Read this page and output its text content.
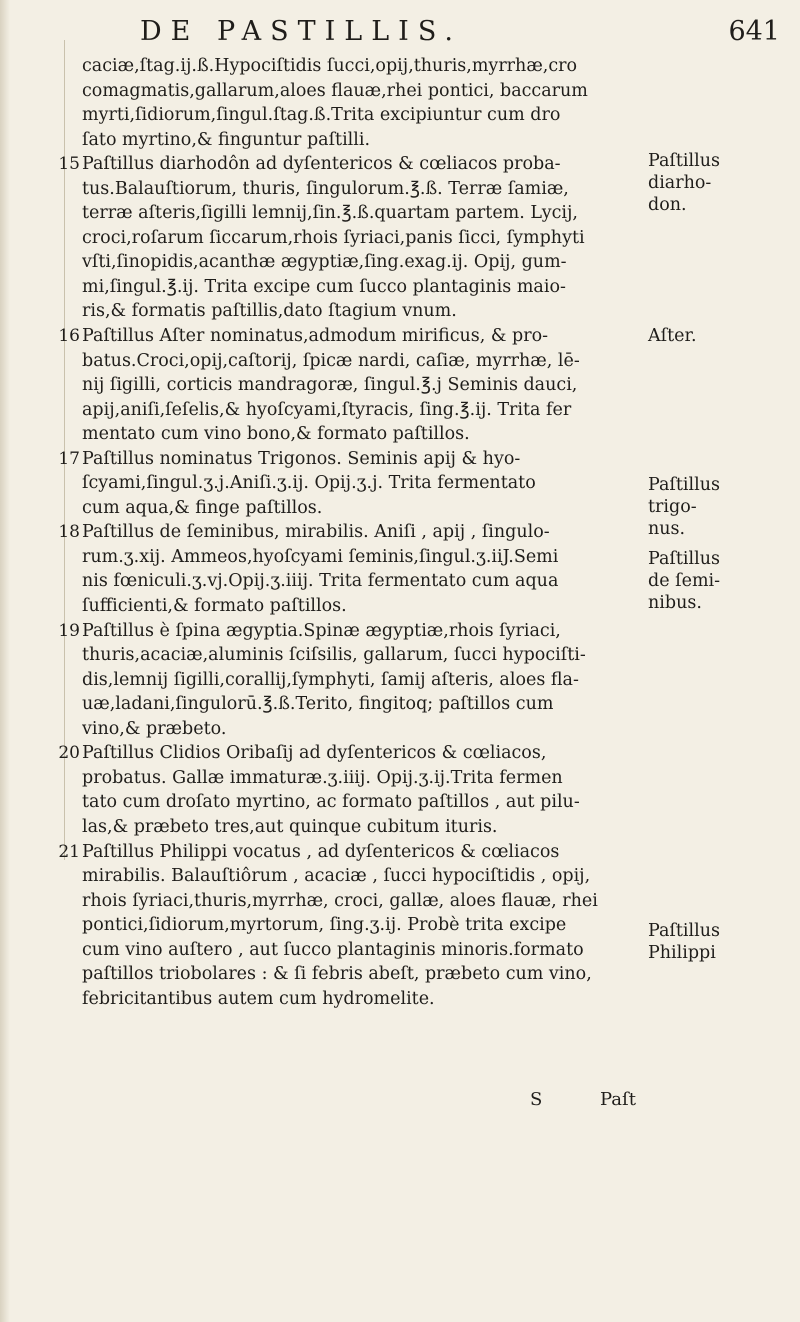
DE PASTILLIS.	641
caciæ,ſtag.ij.ß.Hypociſtidis ſucci,opij,thuris,myrrhæ,cro
comagmatis,gallarum,aloes flauæ,rhei pontici, baccarum
myrti,ſidiorum,ſingul.ſtag.ß.Trita excipiuntur cum dro
ſato myrtino,& finguntur paſtilli.
15 Paſtillus diarhodôn ad dyſentericos & cœliacos proba-
tus.Balauſtiorum, thuris, ſingulorum.℥.ß. Terræ ſamiæ,
terræ aſteris,ſigilli lemnij,ſin.℥.ß.quartam partem. Lycij,
croci,roſarum ſiccarum,rhois ſyriaci,panis ſicci, ſymphyti
vſti,ſinopidis,acanthæ ægyptiæ,ſing.exag.ij. Opij, gum-
mi,ſingul.℥.ij. Trita excipe cum ſucco plantaginis maio-
ris,& formatis paſtillis,dato ſtagium vnum.
16 Paſtillus Aſter nominatus,admodum mirificus, & pro-
batus.Croci,opij,caſtorij, ſpicæ nardi, caſiæ, myrrhæ, lē-
nij ſigilli, corticis mandragoræ, ſingul.℥.j Seminis dauci,
apij,aniſi,ſeſelis,& hyoſcyami,ſtyracis, ſing.℥.ij. Trita fer
mentato cum vino bono,& formato paſtillos.
17 Paſtillus nominatus Trigonos. Seminis apij & hyo-
ſcyami,ſingul.ʒ.j.Aniſi.ʒ.ij. Opij.ʒ.j. Trita fermentato
cum aqua,& finge paſtillos.
18 Paſtillus de ſeminibus, mirabilis. Aniſi , apij , ſingulo-
rum.ʒ.xij. Ammeos,hyoſcyami ſeminis,ſingul.ʒ.iiJ.Semi
nis fœniculi.ʒ.vj.Opij.ʒ.iiij. Trita fermentato cum aqua
ſufficienti,& formato paſtillos.
19 Paſtillus è ſpina ægyptia.Spinæ ægyptiæ,rhois ſyriaci,
thuris,acaciæ,aluminis ſciſsilis, gallarum, ſucci hypociſti-
dis,lemnij ſigilli,corallij,ſymphyti, ſamij aſteris, aloes fla-
uæ,ladani,ſingulorū.℥.ß.Terito, fingitoq; paſtillos cum
vino,& præbeto.
20 Paſtillus Clidios Oribaſij ad dyſentericos & cœliacos,
probatus. Gallæ immaturæ.ʒ.iiij. Opij.ʒ.ij.Trita fermen
tato cum droſato myrtino, ac formato paſtillos , aut pilu-
las,& præbeto tres,aut quinque cubitum ituris.
21 Paſtillus Philippi vocatus , ad dyſentericos & cœliacos
mirabilis. Balauſtiôrum , acaciæ , ſucci hypociſtidis , opij,
rhois ſyriaci,thuris,myrrhæ, croci, gallæ, aloes flauæ, rhei
pontici,ſidiorum,myrtorum, ſing.ʒ.ij. Probè trita excipe
cum vino auſtero , aut ſucco plantaginis minoris.formato
paſtillos triobolares : & ſi febris abeſt, præbeto cum vino,
febricitantibus autem cum hydromelite.
Paſtillus
diarho-
don.
Aſter.
Paſtillus
trigo-
nus.
Paſtillus
de ſemi-
nibus.
Paſtillus
Philippi
S	Paſt
